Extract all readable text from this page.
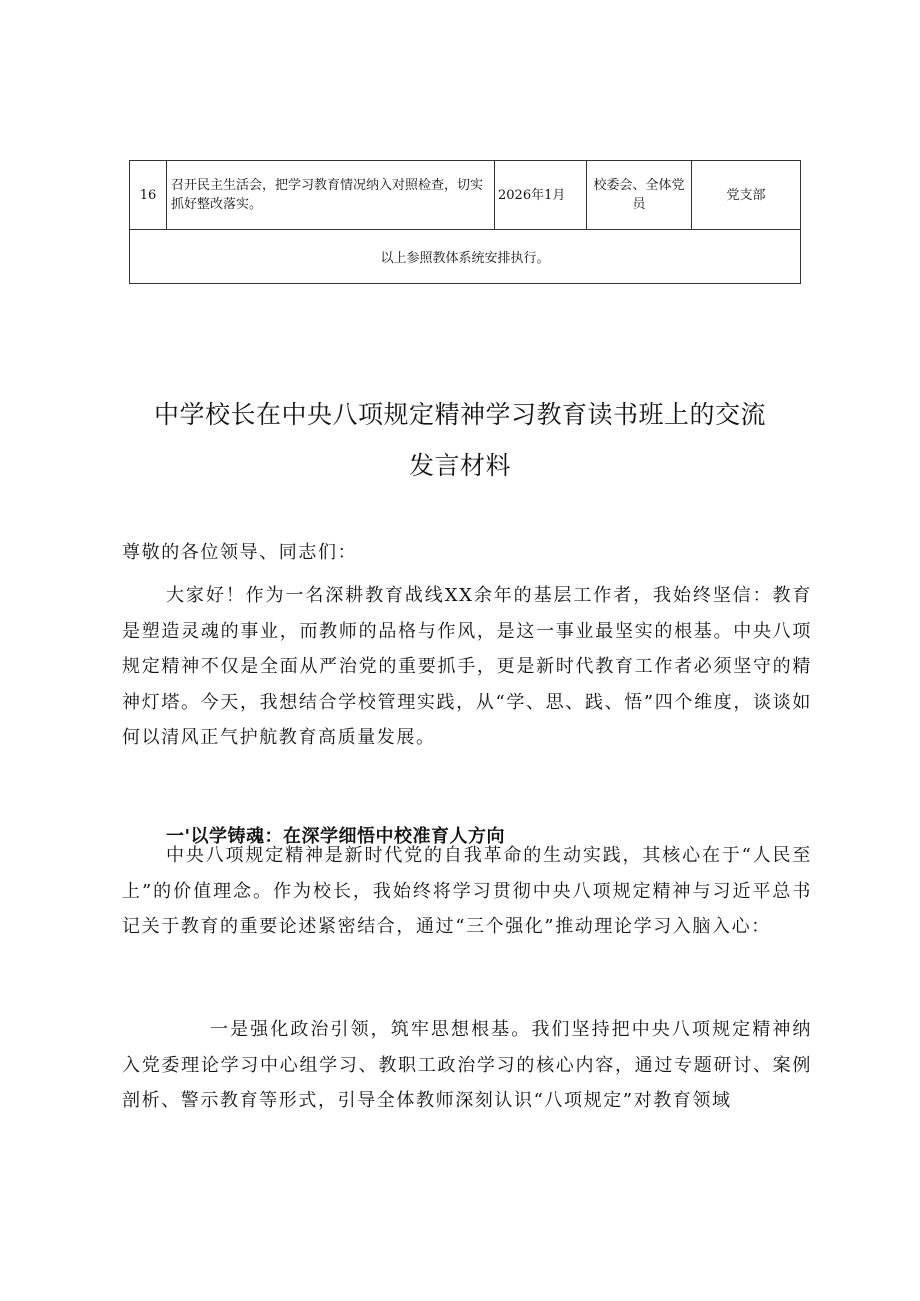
16
召开民主生活会，把学习教育情况纳入对照检查，切实抓好整改落实。
2026年1月
校委会、全体党员
党支部
以上参照教体系统安排执行。
中学校长在中央八项规定精神学习教育读书班上的交流
发言材料
尊敬的各位领导、同志们：
大家好！作为一名深耕教育战线XX余年的基层工作者，我始终坚信：教育是塑造灵魂的事业，而教师的品格与作风，是这一事业最坚实的根基。中央八项规定精神不仅是全面从严治党的重要抓手，更是新时代教育工作者必须坚守的精神灯塔。今天，我想结合学校管理实践，从“学、思、践、悟”四个维度，谈谈如何以清风正气护航教育高质量发展。
一'以学铸魂：在深学细悟中校准育人方向
中央八项规定精神是新时代党的自我革命的生动实践，其核心在于“人民至上”的价值理念。作为校长，我始终将学习贯彻中央八项规定精神与习近平总书记关于教育的重要论述紧密结合，通过“三个强化”推动理论学习入脑入心：
一是强化政治引领，筑牢思想根基。我们坚持把中央八项规定精神纳入党委理论学习中心组学习、教职工政治学习的核心内容，通过专题研讨、案例剖析、警示教育等形式，引导全体教师深刻认识“八项规定”对教育领域
